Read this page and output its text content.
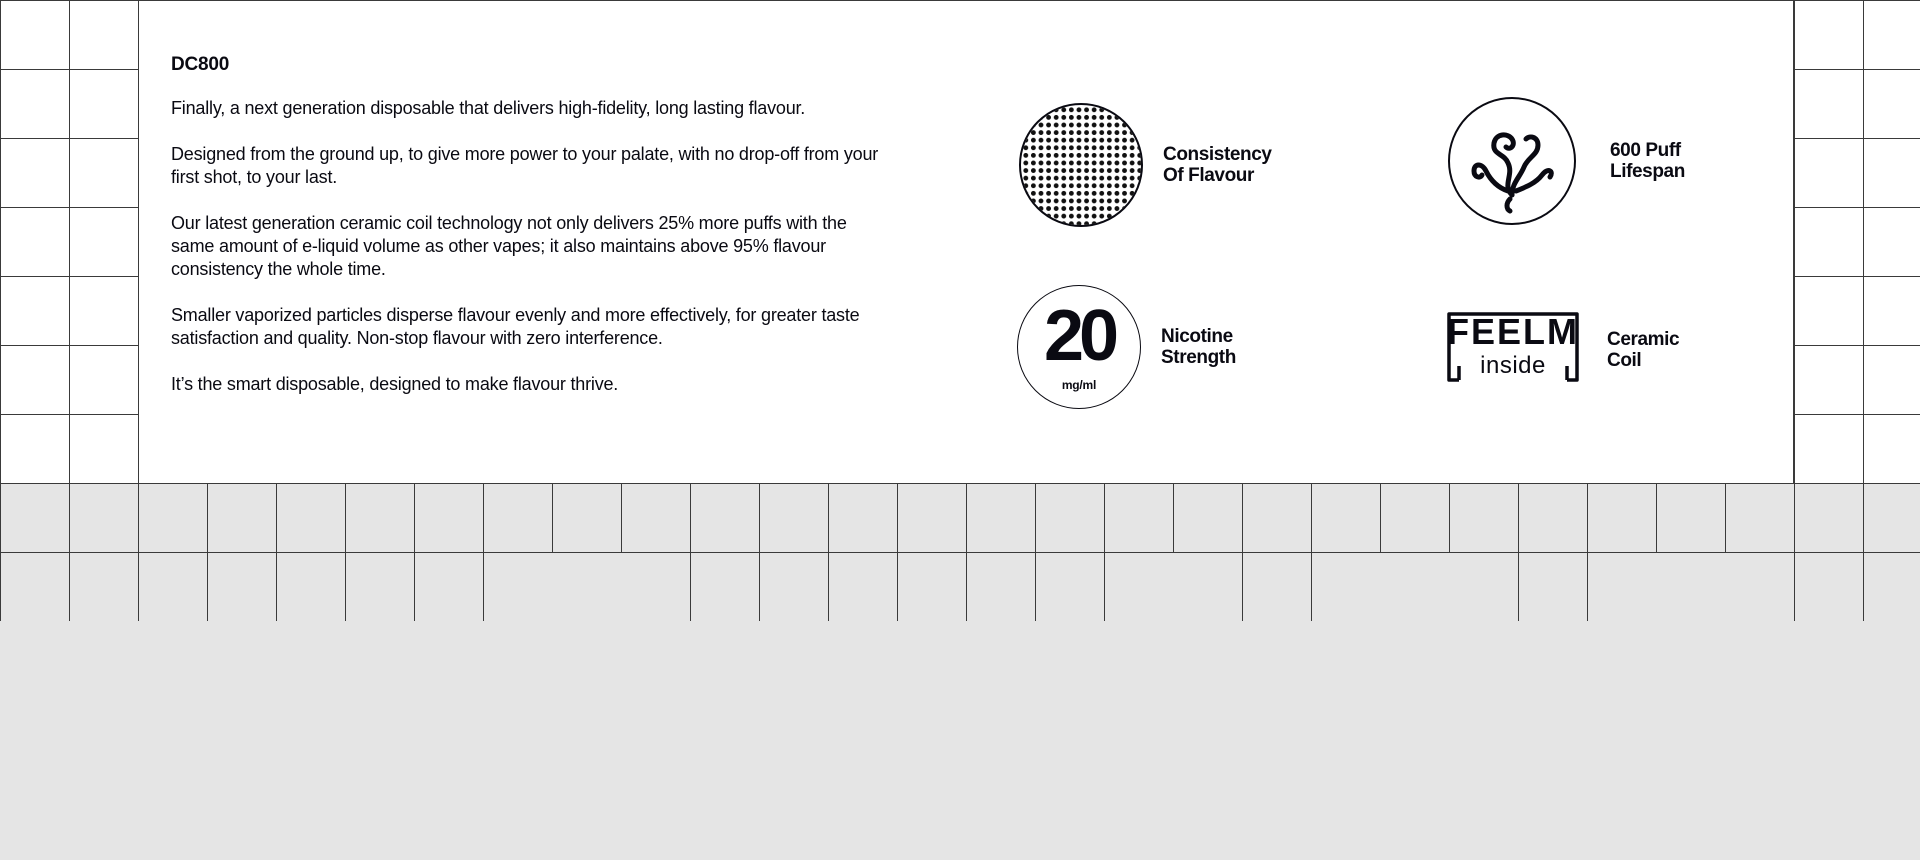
DC800

Finally, a next generation disposable that delivers high-fidelity, long lasting flavour.

Designed from the ground up, to give more power to your palate, with no drop-off from your first shot, to your last.

Our latest generation ceramic coil technology not only delivers 25% more puffs with the same amount of e-liquid volume as other vapes; it also maintains above 95% flavour consistency the whole time.

Smaller vaporized particles disperse flavour evenly and more effectively, for greater taste satisfaction and quality. Non-stop flavour with zero interference.

It’s the smart disposable, designed to make flavour thrive.

Consistency
Of Flavour
600 Puff
Lifespan
20
mg/ml
Nicotine
Strength
FEELM
inside
Ceramic
Coil
